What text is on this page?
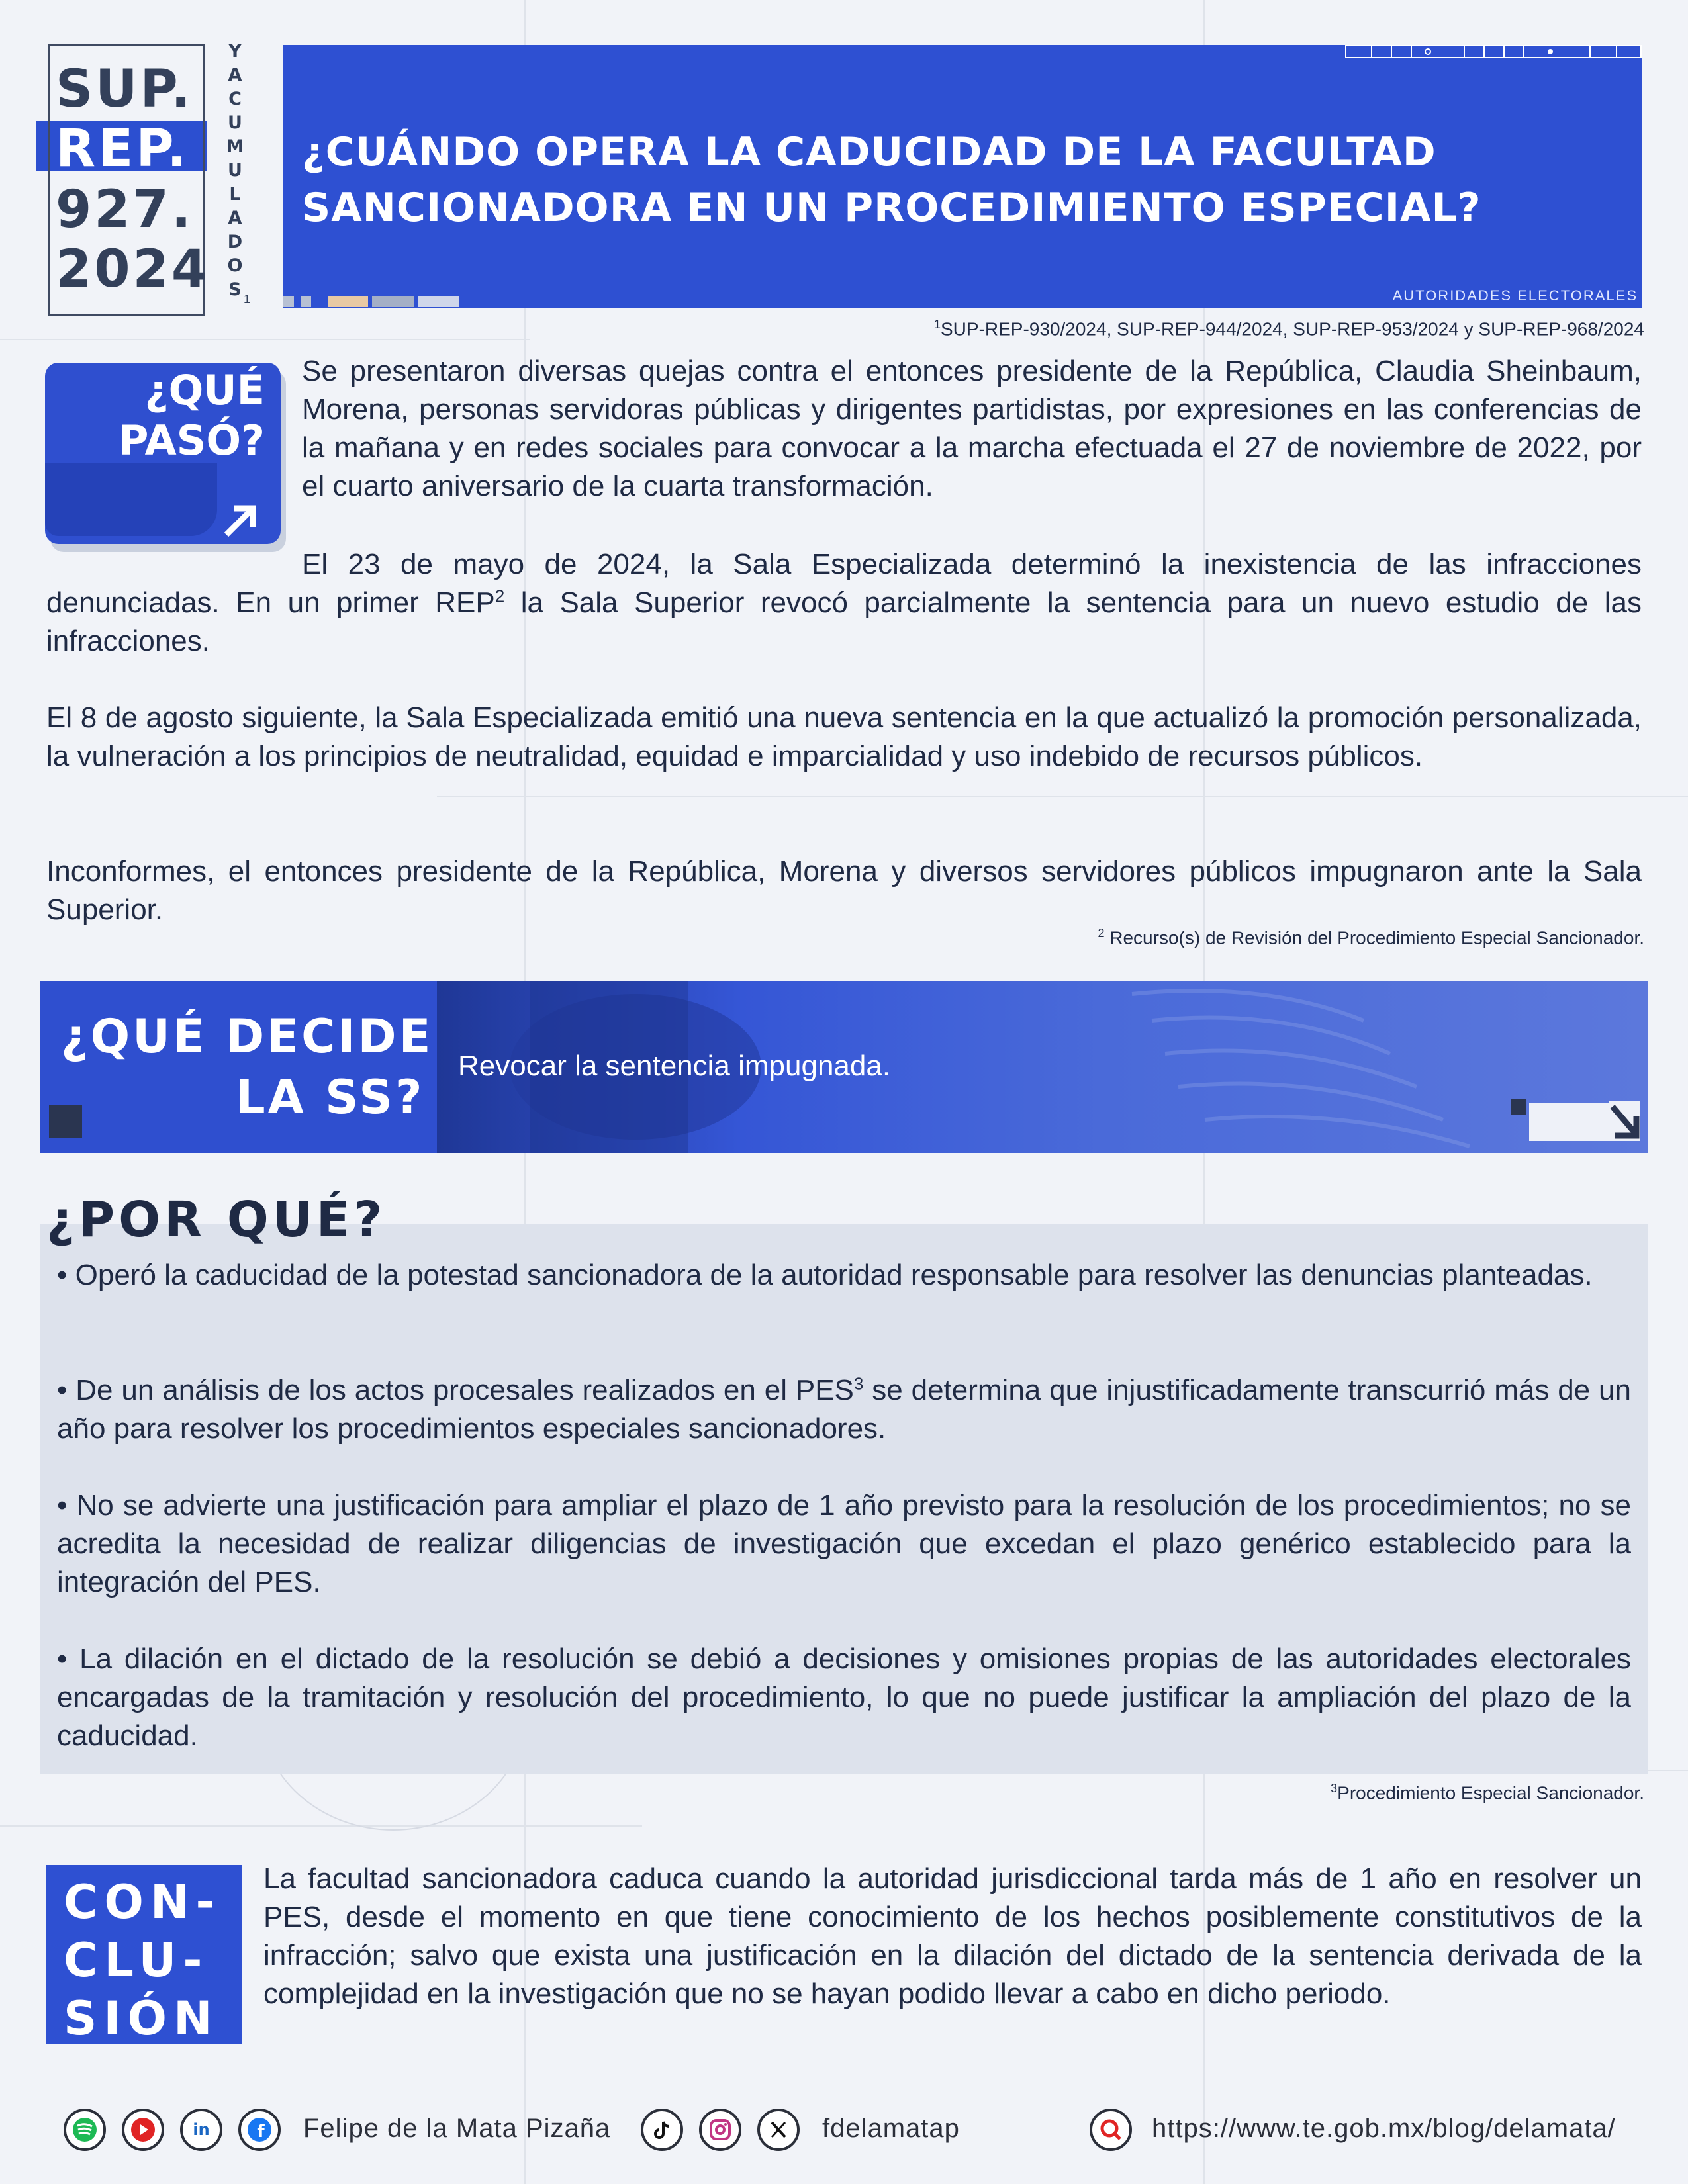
SUP.
REP.
927.
2024
Y
A
C
U
M
U
L
A
D
O
S 1
¿CUÁNDO OPERA LA CADUCIDAD DE LA FACULTAD SANCIONADORA EN UN PROCEDIMIENTO ESPECIAL?
AUTORIDADES ELECTORALES
$^1$SUP-REP-930/2024, SUP-REP-944/2024, SUP-REP-953/2024 y SUP-REP-968/2024
¿QUÉ
PASÓ?
Se presentaron diversas quejas contra el entonces presidente de la República, Claudia Sheinbaum, Morena, personas servidoras públicas y dirigentes partidistas, por expresiones en las conferencias de la mañana y en redes sociales para convocar a la marcha efectuada el 27 de noviembre de 2022, por el cuarto aniversario de la cuarta transformación.
El 23 de mayo de 2024, la Sala Especializada determinó la inexistencia de las infracciones denunciadas. En un primer REP$^2$ la Sala Superior revocó parcialmente la sentencia para un nuevo estudio de las infracciones.
El 8 de agosto siguiente, la Sala Especializada emitió una nueva sentencia en la que actualizó la promoción personalizada, la vulneración a los principios de neutralidad, equidad e imparcialidad y uso indebido de recursos públicos.
Inconformes, el entonces presidente de la República, Morena y diversos servidores públicos impugnaron ante la Sala Superior.
$^2$ Recurso(s) de Revisión del Procedimiento Especial Sancionador.
¿QUÉ DECIDE
LA SS?
Revocar la sentencia impugnada.
¿POR QUÉ?
• Operó la caducidad de la potestad sancionadora de la autoridad responsable para resolver las denuncias planteadas.
• De un análisis de los actos procesales realizados en el PES$^3$ se determina que injustificadamente transcurrió más de un año para resolver los procedimientos especiales sancionadores.
• No se advierte una justificación para ampliar el plazo de 1 año previsto para la resolución de los procedimientos; no se acredita la necesidad de realizar diligencias de investigación que excedan el plazo genérico establecido para la integración del PES.
• La dilación en el dictado de la resolución se debió a decisiones y omisiones propias de las autoridades electorales encargadas de la tramitación y resolución del procedimiento, lo que no puede justificar la ampliación del plazo de la caducidad.
$^3$Procedimiento Especial Sancionador.
CON-
CLU-
SIÓN
La facultad sancionadora caduca cuando la autoridad jurisdiccional tarda más de 1 año en resolver un PES, desde el momento en que tiene conocimiento de los hechos posiblemente constitutivos de la infracción; salvo que exista una justificación en la dilación del dictado de la sentencia derivada de la complejidad en la investigación que no se hayan podido llevar a cabo en dicho periodo.
in	f Felipe de la Mata Pizaña	fdelamatap	https://www.te.gob.mx/blog/delamata/
